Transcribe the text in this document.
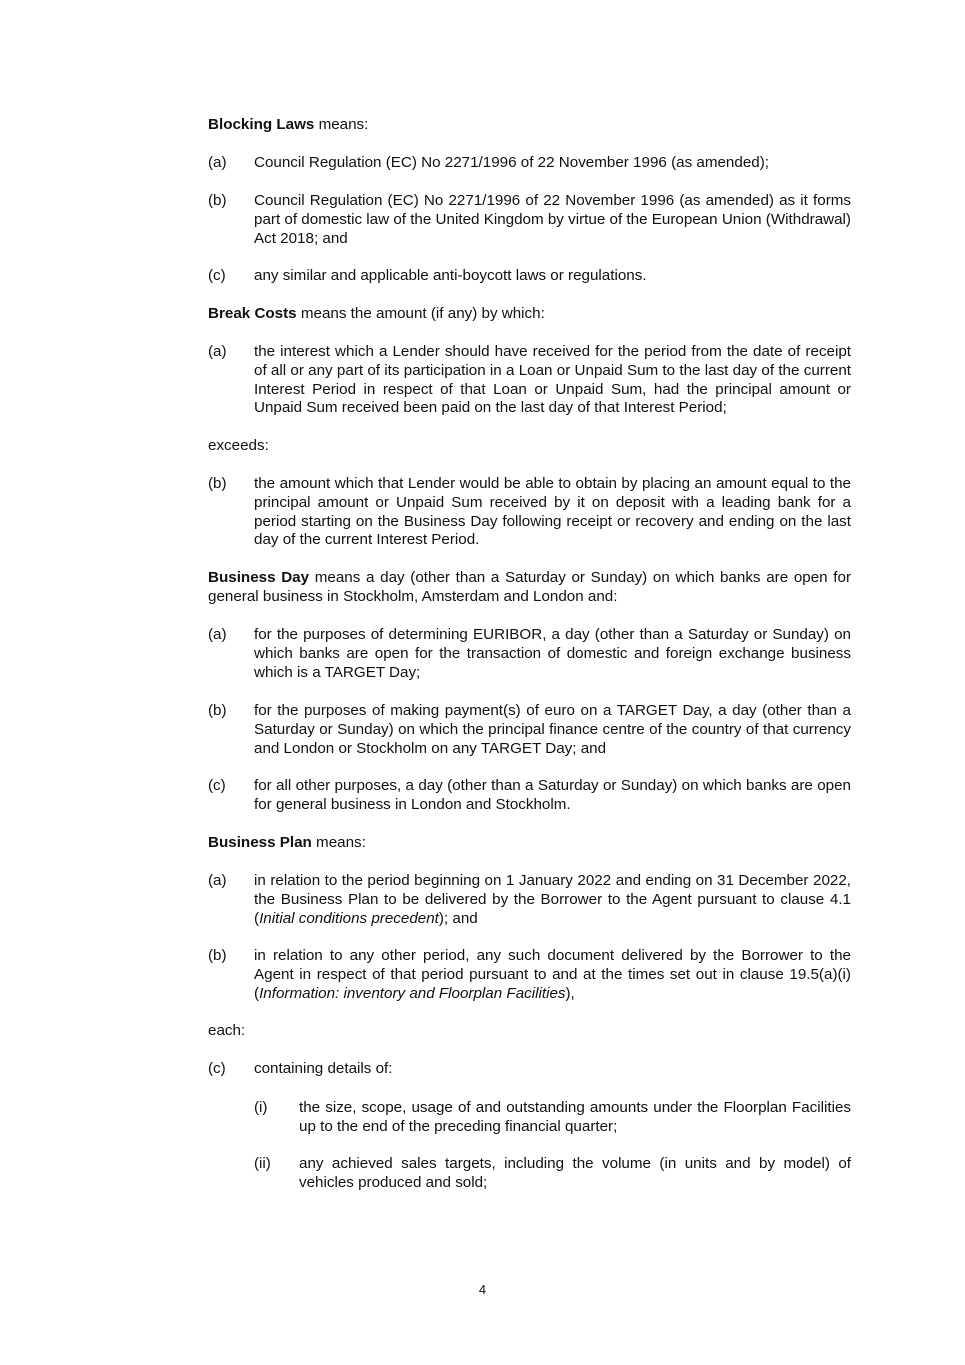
Blocking Laws means:

(a) Council Regulation (EC) No 2271/1996 of 22 November 1996 (as amended);
(b) Council Regulation (EC) No 2271/1996 of 22 November 1996 (as amended) as it forms part of domestic law of the United Kingdom by virtue of the European Union (Withdrawal) Act 2018; and
(c) any similar and applicable anti-boycott laws or regulations.

Break Costs means the amount (if any) by which:

(a) the interest which a Lender should have received for the period from the date of receipt of all or any part of its participation in a Loan or Unpaid Sum to the last day of the current Interest Period in respect of that Loan or Unpaid Sum, had the principal amount or Unpaid Sum received been paid on the last day of that Interest Period;

exceeds:

(b) the amount which that Lender would be able to obtain by placing an amount equal to the principal amount or Unpaid Sum received by it on deposit with a leading bank for a period starting on the Business Day following receipt or recovery and ending on the last day of the current Interest Period.

Business Day means a day (other than a Saturday or Sunday) on which banks are open for general business in Stockholm, Amsterdam and London and:

(a) for the purposes of determining EURIBOR, a day (other than a Saturday or Sunday) on which banks are open for the transaction of domestic and foreign exchange business which is a TARGET Day;
(b) for the purposes of making payment(s) of euro on a TARGET Day, a day (other than a Saturday or Sunday) on which the principal finance centre of the country of that currency and London or Stockholm on any TARGET Day; and
(c) for all other purposes, a day (other than a Saturday or Sunday) on which banks are open for general business in London and Stockholm.

Business Plan means:

(a) in relation to the period beginning on 1 January 2022 and ending on 31 December 2022, the Business Plan to be delivered by the Borrower to the Agent pursuant to clause 4.1 (Initial conditions precedent); and
(b) in relation to any other period, any such document delivered by the Borrower to the Agent in respect of that period pursuant to and at the times set out in clause 19.5(a)(i) (Information: inventory and Floorplan Facilities),

each:

(c) containing details of:
(i) the size, scope, usage of and outstanding amounts under the Floorplan Facilities up to the end of the preceding financial quarter;
(ii) any achieved sales targets, including the volume (in units and by model) of vehicles produced and sold;
4
